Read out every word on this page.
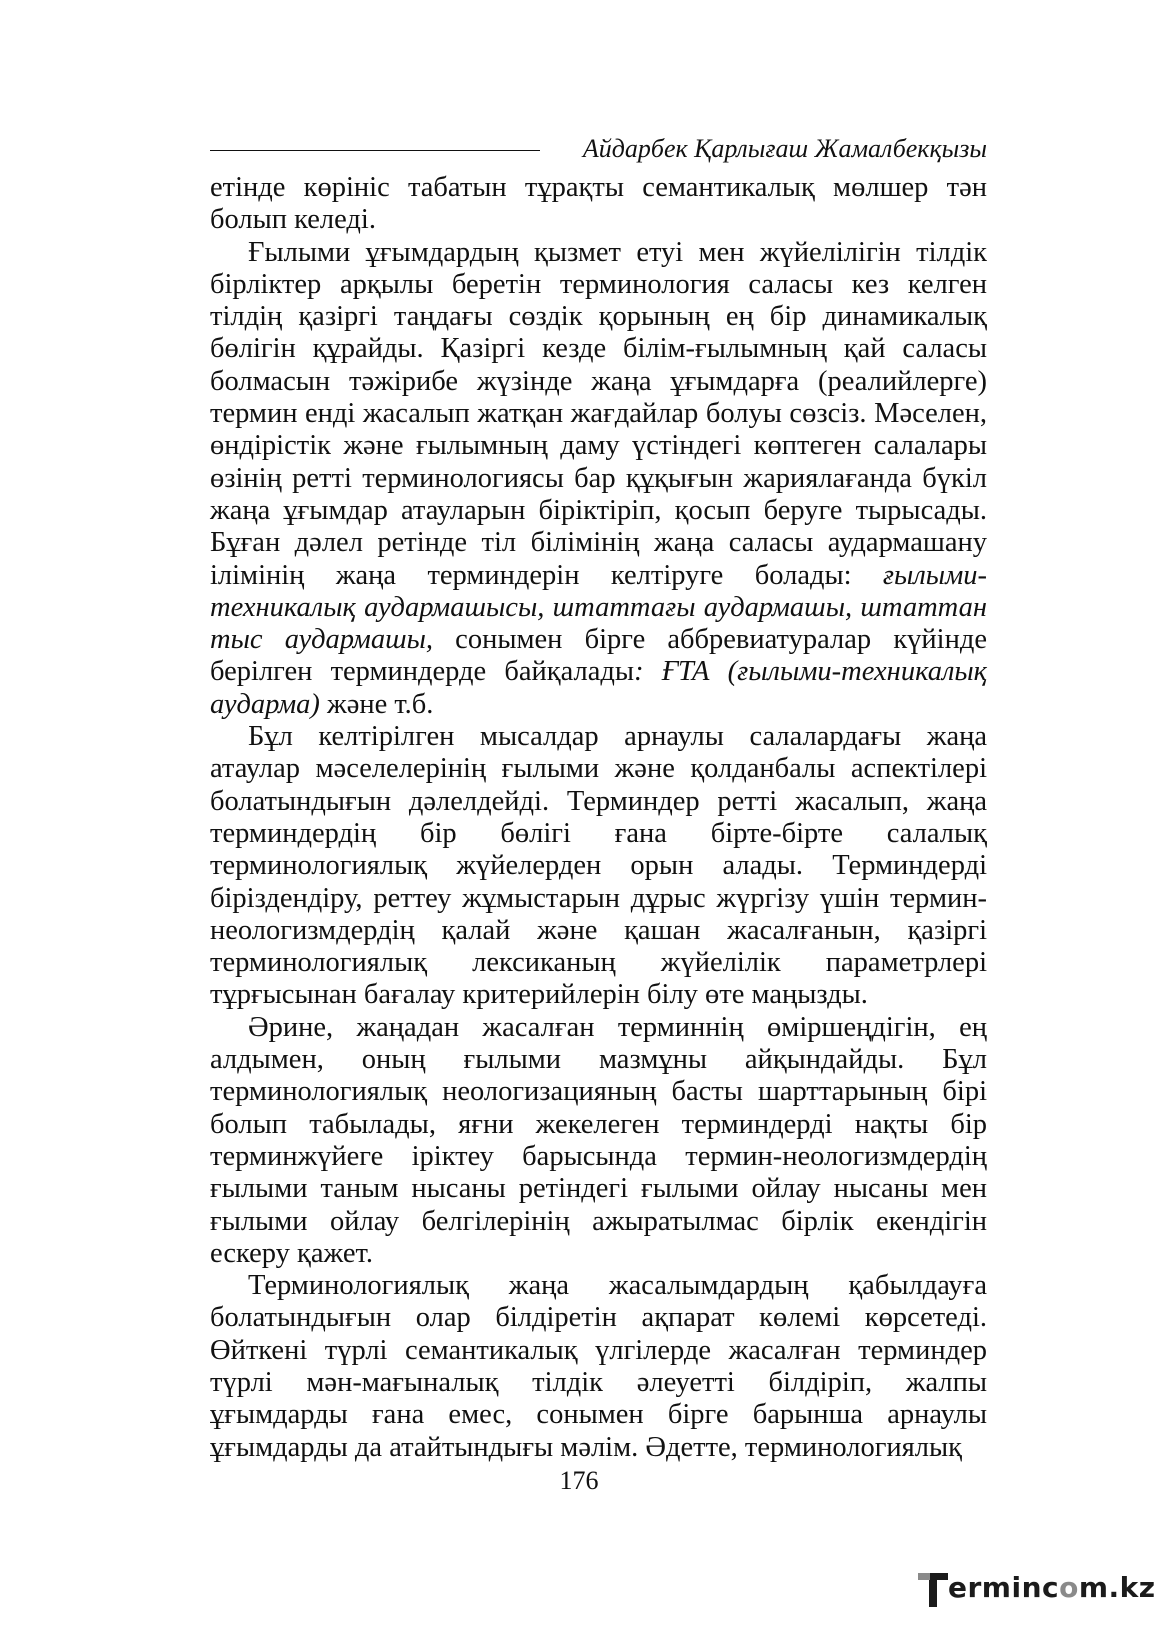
Айдарбек Қарлығаш Жамалбекқызы

етінде көрініс табатын тұрақты семантикалық мөлшер тән болып келеді.

Ғылыми ұғымдардың қызмет етуі мен жүйелілігін тілдік бірліктер арқылы беретін терминология саласы кез келген тілдің қазіргі таңдағы сөздік қорының ең бір динамикалық бөлігін құрайды. Қазіргі кезде білім-ғылымның қай саласы болмасын тәжірибе жүзінде жаңа ұғымдарға (реалийлерге) термин енді жасалып жатқан жағдайлар болуы сөзсіз. Мәселен, өндірістік және ғылымның даму үстіндегі көптеген салалары өзінің ретті терминологиясы бар құқығын жариялағанда бүкіл жаңа ұғымдар атауларын біріктіріп, қосып беруге тырысады. Бұған дәлел ретінде тіл білімінің жаңа саласы аудармашану ілімінің жаңа терминдерін келтіруге болады: ғылыми-техникалық аудармашысы, штаттағы аудармашы, штаттан тыс аудармашы, сонымен бірге аббревиатуралар күйінде берілген терминдерде байқалады: ҒТА (ғылыми-техникалық аударма) және т.б.

Бұл келтірілген мысалдар арнаулы салалардағы жаңа атаулар мәселелерінің ғылыми және қолданбалы аспектілері болатындығын дәлелдейді. Терминдер ретті жасалып, жаңа терминдердің бір бөлігі ғана бірте-бірте салалық терминологиялық жүйелерден орын алады. Терминдерді біріздендіру, реттеу жұмыстарын дұрыс жүргізу үшін термин-неологизмдердің қалай және қашан жасалғанын, қазіргі терминологиялық лексиканың жүйелілік параметрлері тұрғысынан бағалау критерийлерін білу өте маңызды.

Әрине, жаңадан жасалған терминнің өміршеңдігін, ең алдымен, оның ғылыми мазмұны айқындайды. Бұл терминологиялық неологизацияның басты шарттарының бірі болып табылады, яғни жекелеген терминдерді нақты бір терминжүйеге іріктеу барысында термин-неологизмдердің ғылыми таным нысаны ретіндегі ғылыми ойлау нысаны мен ғылыми ойлау белгілерінің ажыратылмас бірлік екендігін ескеру қажет.

Терминологиялық жаңа жасалымдардың қабылдауға болатындығын олар білдіретін ақпарат көлемі көрсетеді. Өйткені түрлі семантикалық үлгілерде жасалған терминдер түрлі мән-мағыналық тілдік әлеуетті білдіріп, жалпы ұғымдарды ғана емес, сонымен бірге барынша арнаулы ұғымдарды да атайтындығы мәлім. Әдетте, терминологиялық

176
ermincom.kz
